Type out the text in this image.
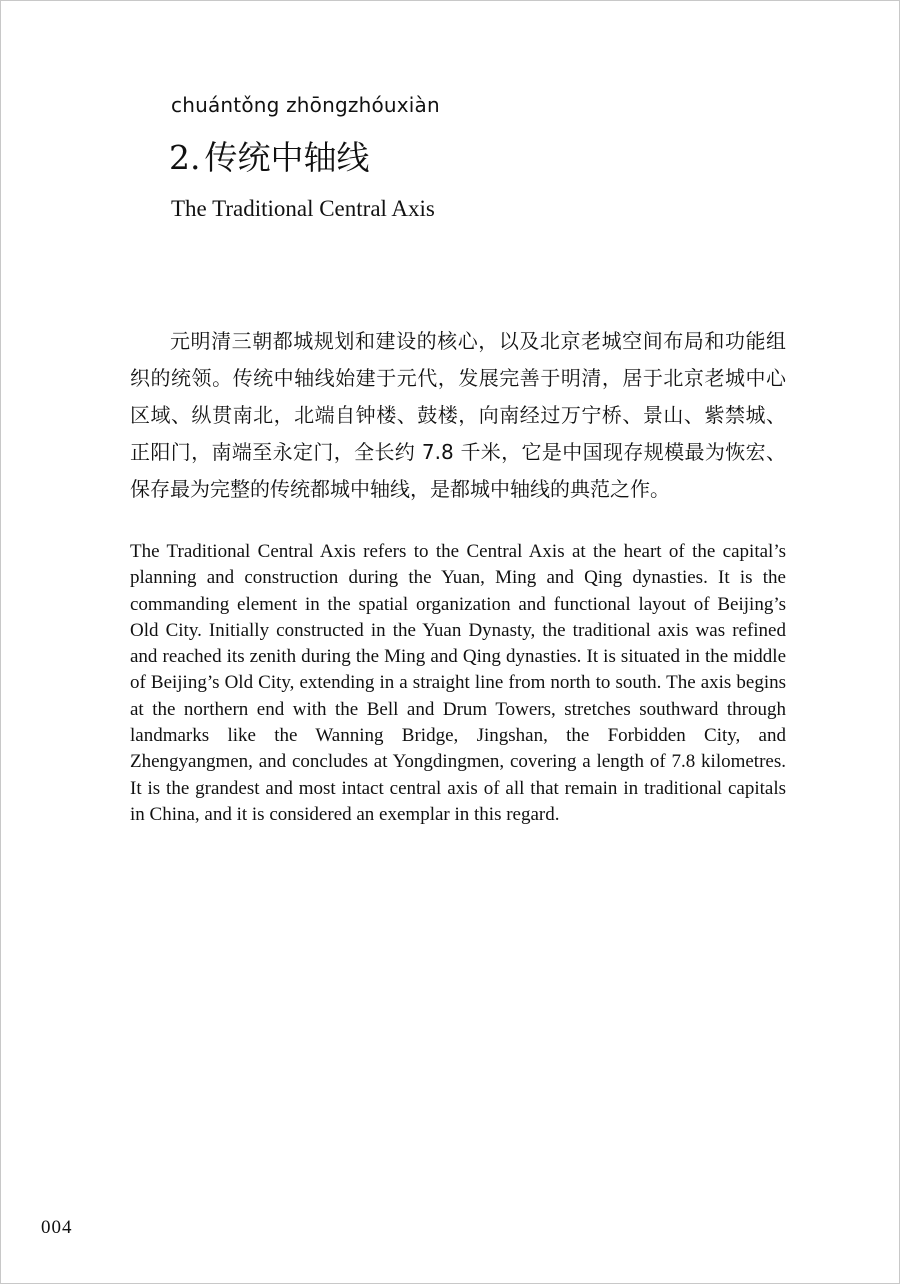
chuántǒng zhōngzhóuxiàn
2. 传统中轴线
The Traditional Central Axis

元明清三朝都城规划和建设的核心，以及北京老城空间布局和功能组织的统领。传统中轴线始建于元代，发展完善于明清，居于北京老城中心区域、纵贯南北，北端自钟楼、鼓楼，向南经过万宁桥、景山、紫禁城、正阳门，南端至永定门，全长约 7.8 千米，它是中国现存规模最为恢宏、保存最为完整的传统都城中轴线，是都城中轴线的典范之作。

The Traditional Central Axis refers to the Central Axis at the heart of the capital’s planning and construction during the Yuan, Ming and Qing dynasties. It is the commanding element in the spatial organization and functional layout of Beijing’s Old City. Initially constructed in the Yuan Dynasty, the traditional axis was refined and reached its zenith during the Ming and Qing dynasties. It is situated in the middle of Beijing’s Old City, extending in a straight line from north to south. The axis begins at the northern end with the Bell and Drum Towers, stretches southward through landmarks like the Wanning Bridge, Jingshan, the Forbidden City, and Zhengyangmen, and concludes at Yongdingmen, covering a length of 7.8 kilometres. It is the grandest and most intact central axis of all that remain in traditional capitals in China, and it is considered an exemplar in this regard.

004
